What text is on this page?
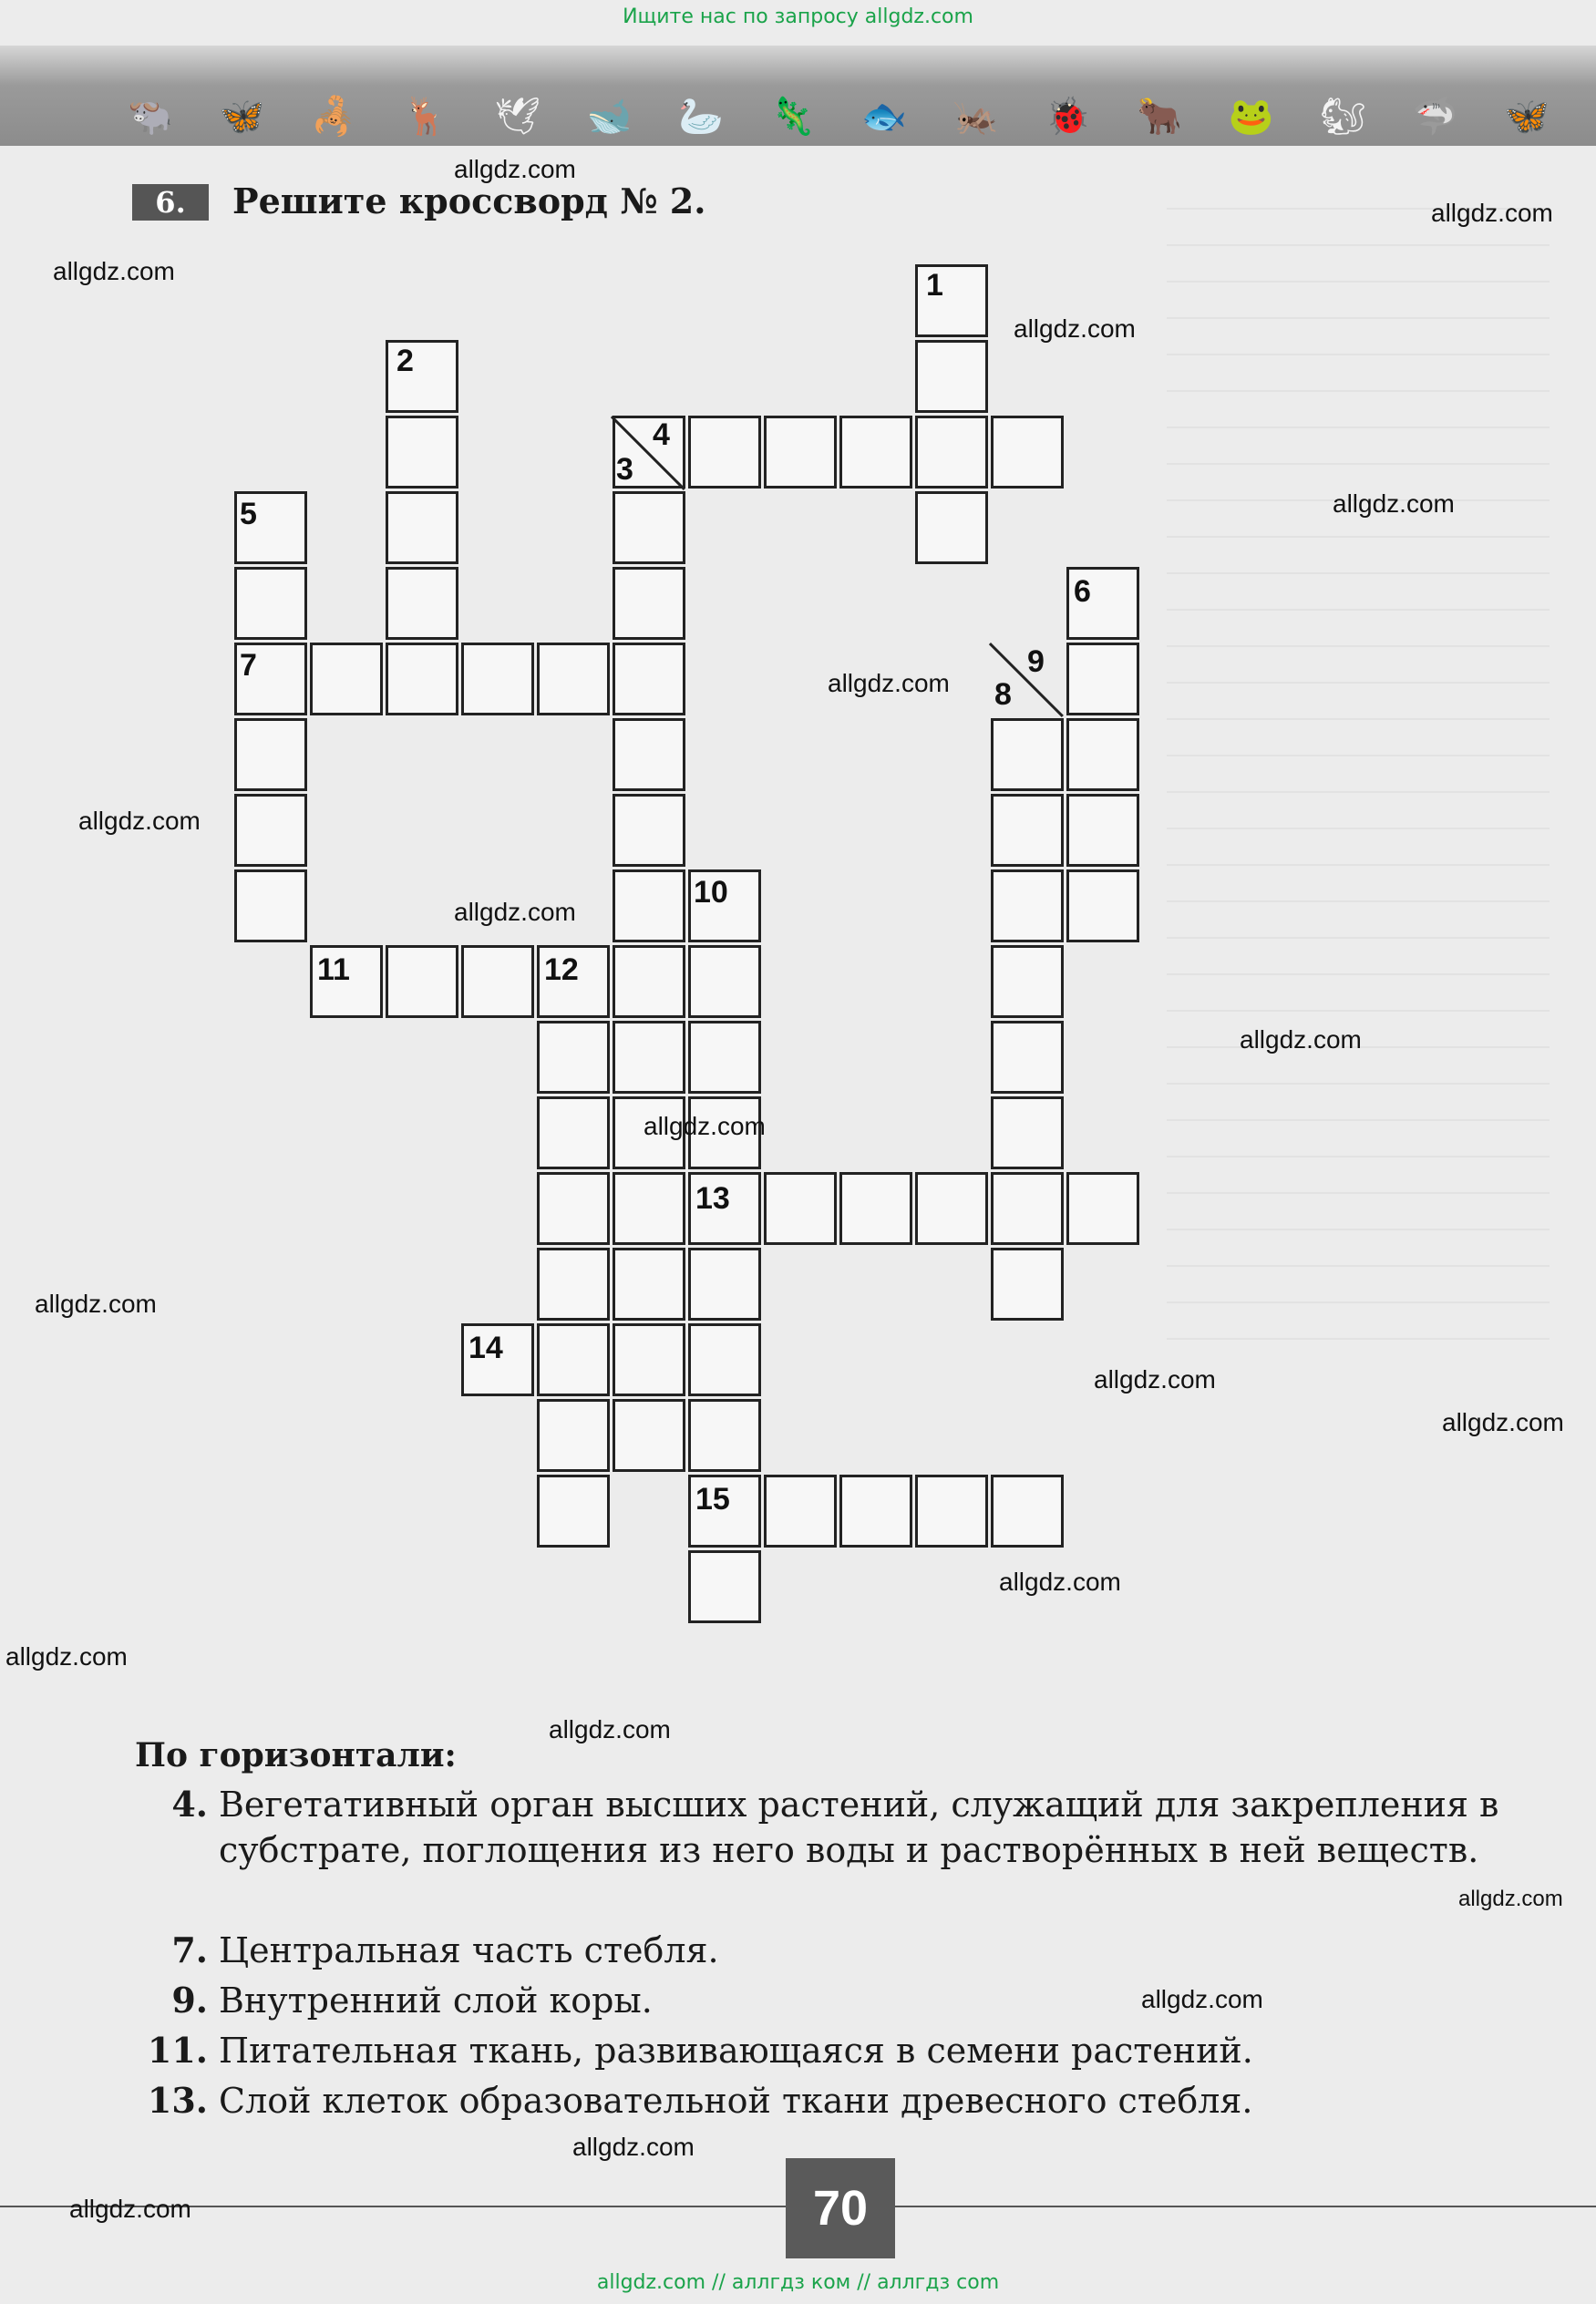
Ищите нас по запросу allgdz.com
🐃 🦋 🦂 🦌 🕊 🐋 🦢 🦎 🐟 🦗 🐞 🐂 🐸 🐿 🦈 🦋
6.	Решите кроссворд № 2.
1
2
3
4
5
6
7
8
9
10
11	12
13
14
15
По горизонтали:
4. Вегетативный орган высших растений, служащий для закрепления в субстрате, поглощения из него воды и растворённых в ней веществ.
7. Центральная часть стебля.
9. Внутренний слой коры.
11. Питательная ткань, развивающаяся в семени растений.
13. Слой клеток образовательной ткани древесного стебля.
70
allgdz.com // аллгдз ком // аллгдз com
allgdz.com
allgdz.com
allgdz.com
allgdz.com
allgdz.com
allgdz.com
allgdz.com
allgdz.com
allgdz.com
allgdz.com
allgdz.com
allgdz.com
allgdz.com
allgdz.com
allgdz.com
allgdz.com
allgdz.com
allgdz.com
allgdz.com
allgdz.com
